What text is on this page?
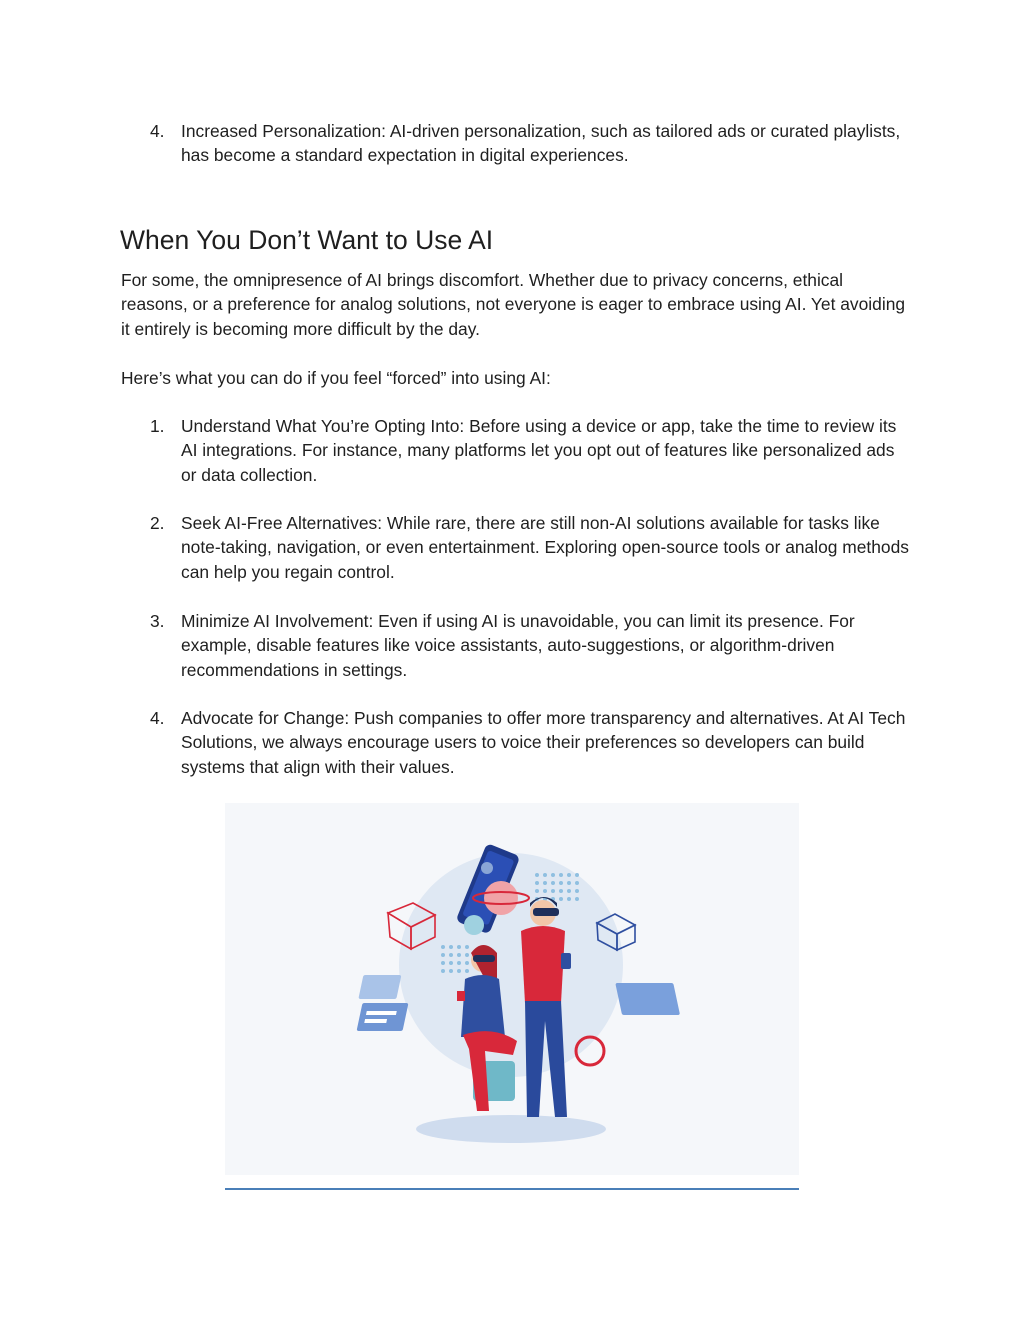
4. Increased Personalization: AI-driven personalization, such as tailored ads or curated playlists, has become a standard expectation in digital experiences.
When You Don’t Want to Use AI

For some, the omnipresence of AI brings discomfort. Whether due to privacy concerns, ethical reasons, or a preference for analog solutions, not everyone is eager to embrace using AI. Yet avoiding it entirely is becoming more difficult by the day.

Here’s what you can do if you feel “forced” into using AI:

1. Understand What You’re Opting Into: Before using a device or app, take the time to review its AI integrations. For instance, many platforms let you opt out of features like personalized ads or data collection.
2. Seek AI-Free Alternatives: While rare, there are still non-AI solutions available for tasks like note-taking, navigation, or even entertainment. Exploring open-source tools or analog methods can help you regain control.
3. Minimize AI Involvement: Even if using AI is unavoidable, you can limit its presence. For example, disable features like voice assistants, auto-suggestions, or algorithm-driven recommendations in settings.
4. Advocate for Change: Push companies to offer more transparency and alternatives. At AI Tech Solutions, we always encourage users to voice their preferences so developers can build systems that align with their values.
